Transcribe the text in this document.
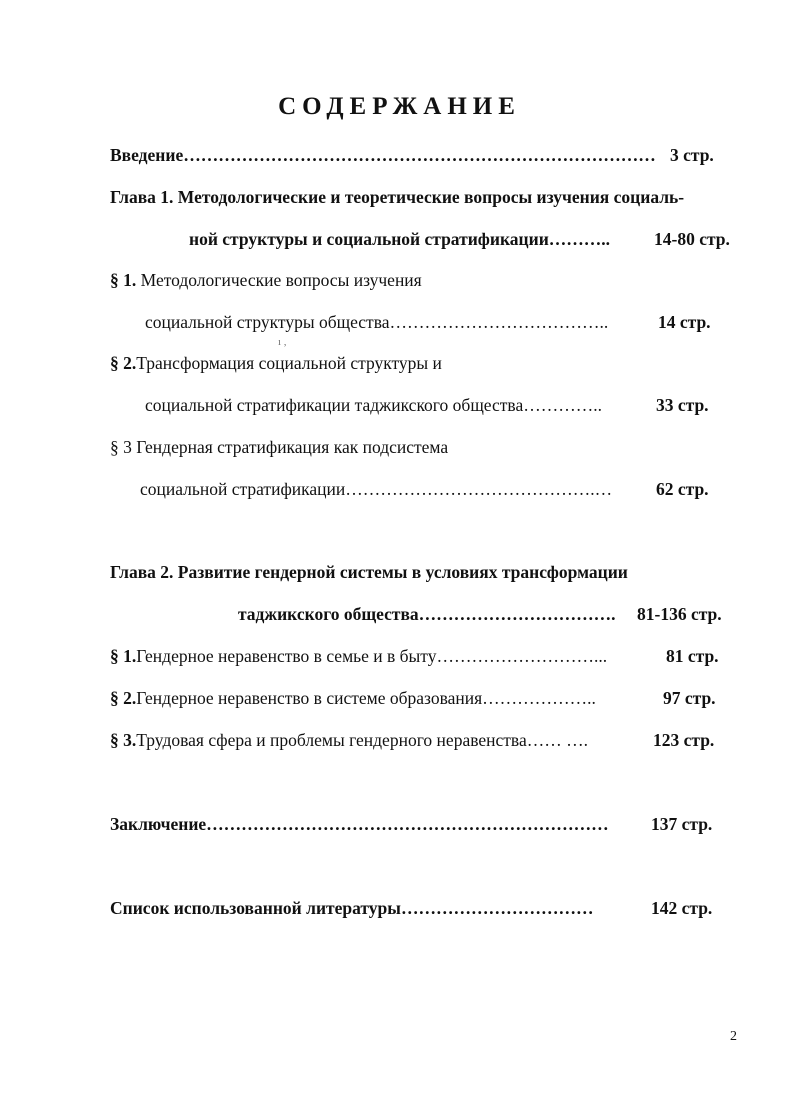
СОДЕРЖАНИЕ
Введение……………………………………………………………………… 3 стр.
Глава 1. Методологические и теоретические вопросы изучения социаль-
ной структуры и социальной стратификации………..	14-80 стр.
§ 1. Методологические вопросы изучения
социальной структуры общества………………………………..	14 стр.
ı ,
§ 2.Трансформация социальной структуры и
социальной стратификации таджикского общества…………..	33 стр.
§ 3 Гендерная стратификация как подсистема
социальной стратификации…………………………………….…	62 стр.
Глава 2. Развитие гендерной системы в условиях трансформации
таджикского общества……………………………. 81-136 стр.
§ 1.Гендерное неравенство в семье и в быту………………………...	81 стр.
§ 2.Гендерное неравенство в системе образования………………..	97 стр.
§ 3.Трудовая сфера и проблемы гендерного неравенства…… ….	123 стр.
Заключение…………………………………………………………… 137 стр.
Список использованной литературы……………………………	142 стр.
2
